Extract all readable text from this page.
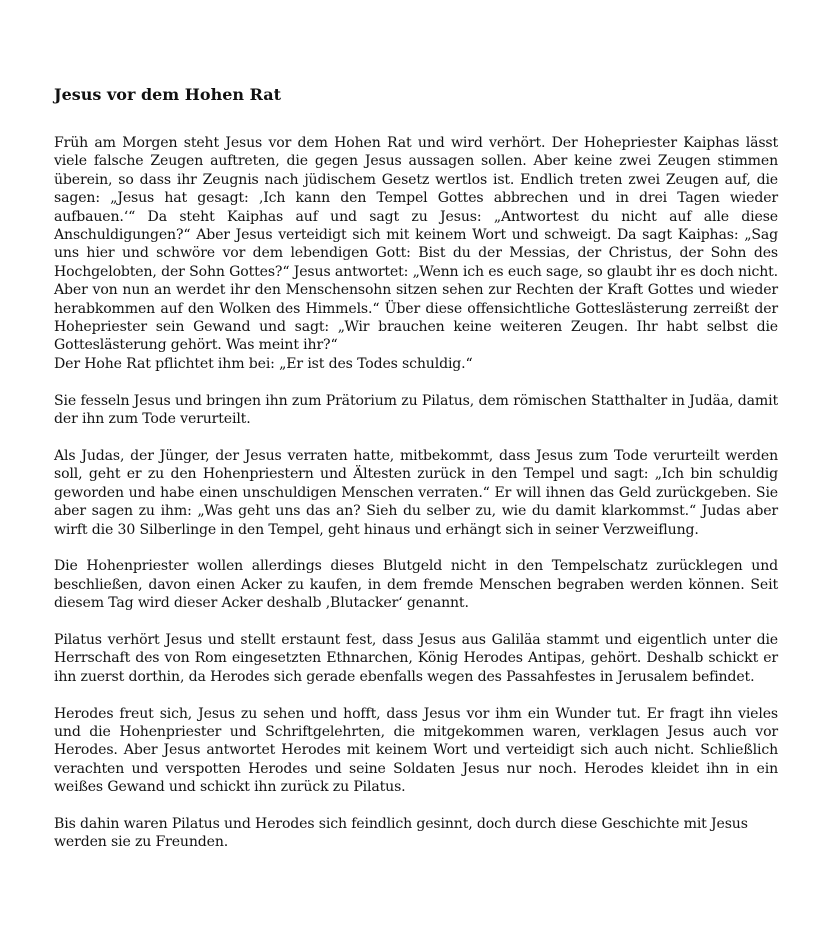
Jesus vor dem Hohen Rat

Früh am Morgen steht Jesus vor dem Hohen Rat und wird verhört. Der Hohepriester Kaiphas lässt viele falsche Zeugen auftreten, die gegen Jesus aussagen sollen. Aber keine zwei Zeugen stimmen überein, so dass ihr Zeugnis nach jüdischem Gesetz wertlos ist. Endlich treten zwei Zeugen auf, die sagen: „Jesus hat gesagt: ‚Ich kann den Tempel Gottes abbrechen und in drei Tagen wieder aufbauen.‘“ Da steht Kaiphas auf und sagt zu Jesus: „Antwortest du nicht auf alle diese Anschuldigungen?“ Aber Jesus verteidigt sich mit keinem Wort und schweigt. Da sagt Kaiphas: „Sag uns hier und schwöre vor dem lebendigen Gott: Bist du der Messias, der Christus, der Sohn des Hochgelobten, der Sohn Gottes?“ Jesus antwortet: „Wenn ich es euch sage, so glaubt ihr es doch nicht. Aber von nun an werdet ihr den Menschensohn sitzen sehen zur Rechten der Kraft Gottes und wieder herabkommen auf den Wolken des Himmels.“ Über diese offensichtliche Gotteslästerung zerreißt der Hohepriester sein Gewand und sagt: „Wir brauchen keine weiteren Zeugen. Ihr habt selbst die Gotteslästerung gehört. Was meint ihr?“
Der Hohe Rat pflichtet ihm bei: „Er ist des Todes schuldig.“

Sie fesseln Jesus und bringen ihn zum Prätorium zu Pilatus, dem römischen Statthalter in Judäa, damit der ihn zum Tode verurteilt.

Als Judas, der Jünger, der Jesus verraten hatte, mitbekommt, dass Jesus zum Tode verurteilt werden soll, geht er zu den Hohenpriestern und Ältesten zurück in den Tempel und sagt: „Ich bin schuldig geworden und habe einen unschuldigen Menschen verraten.“ Er will ihnen das Geld zurückgeben. Sie aber sagen zu ihm: „Was geht uns das an? Sieh du selber zu, wie du damit klarkommst.“ Judas aber wirft die 30 Silberlinge in den Tempel, geht hinaus und erhängt sich in seiner Verzweiflung.

Die Hohenpriester wollen allerdings dieses Blutgeld nicht in den Tempelschatz zurücklegen und beschließen, davon einen Acker zu kaufen, in dem fremde Menschen begraben werden können. Seit diesem Tag wird dieser Acker deshalb ‚Blutacker‘ genannt.

Pilatus verhört Jesus und stellt erstaunt fest, dass Jesus aus Galiläa stammt und eigentlich unter die Herrschaft des von Rom eingesetzten Ethnarchen, König Herodes Antipas, gehört. Deshalb schickt er ihn zuerst dorthin, da Herodes sich gerade ebenfalls wegen des Passahfestes in Jerusalem befindet.

Herodes freut sich, Jesus zu sehen und hofft, dass Jesus vor ihm ein Wunder tut. Er fragt ihn vieles und die Hohenpriester und Schriftgelehrten, die mitgekommen waren, verklagen Jesus auch vor Herodes. Aber Jesus antwortet Herodes mit keinem Wort und verteidigt sich auch nicht. Schließlich verachten und verspotten Herodes und seine Soldaten Jesus nur noch. Herodes kleidet ihn in ein weißes Gewand und schickt ihn zurück zu Pilatus.

Bis dahin waren Pilatus und Herodes sich feindlich gesinnt, doch durch diese Geschichte mit Jesus werden sie zu Freunden.
